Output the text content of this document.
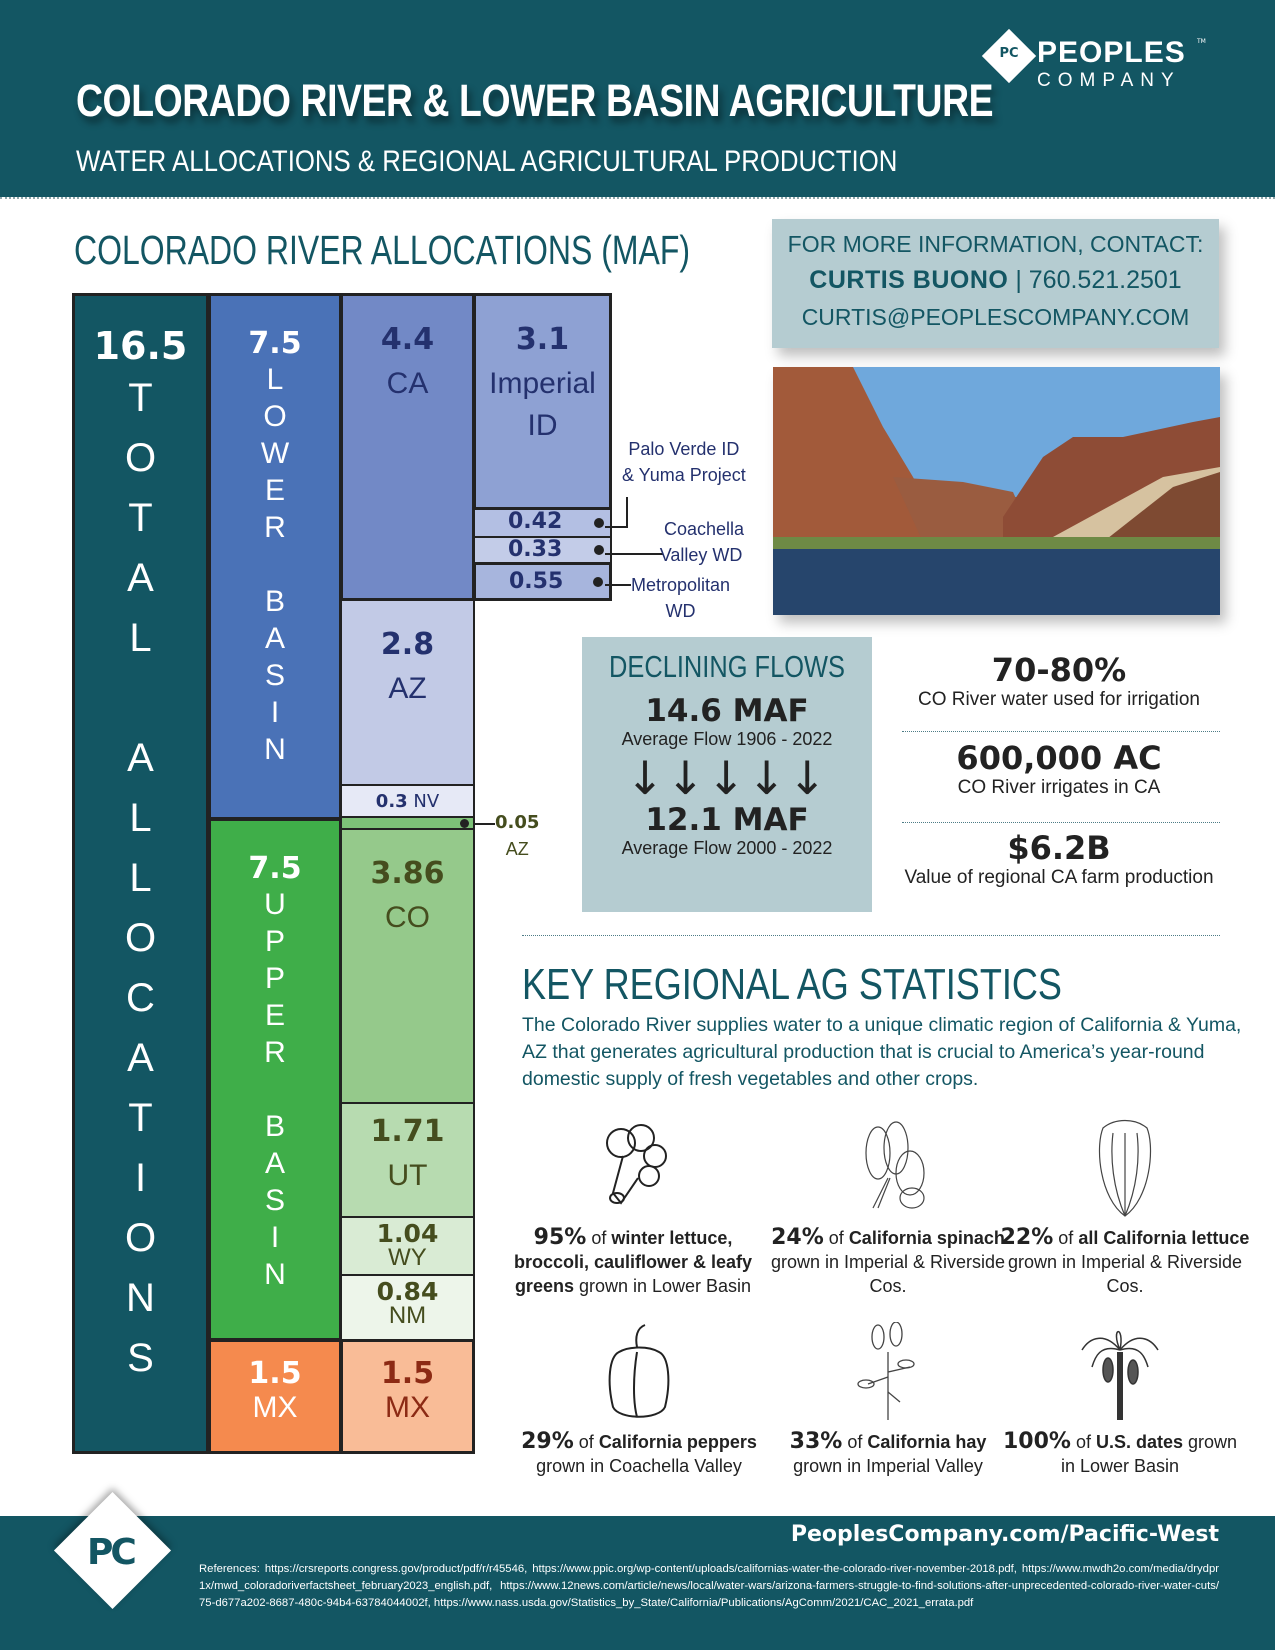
COLORADO RIVER & LOWER BASIN AGRICULTURE
WATER ALLOCATIONS & REGIONAL AGRICULTURAL PRODUCTION
PC PEOPLES TM
COMPANY
COLORADO RIVER ALLOCATIONS (MAF)
16.5
T
O
T
A
L

A
L
L
O
C
A
T
I
O
N
S
7.5
L
O
W
E
R

B
A
S
I
N
7.5
U
P
P
E
R

B
A
S
I
N
1.5
MX
4.4
CA
3.1
Imperial
ID
0.42
0.33
0.55
2.8
AZ
0.3 NV
3.86
CO
1.71
UT
1.04
WY
0.84
NM
1.5
MX
Palo Verde ID
& Yuma Project
Coachella
Valley WD
Metropolitan
WD
0.05
AZ
FOR MORE INFORMATION, CONTACT:
CURTIS BUONO | 760.521.2501
CURTIS@PEOPLESCOMPANY.COM
DECLINING FLOWS
14.6 MAF
Average Flow 1906 - 2022
↓↓↓↓↓
12.1 MAF
Average Flow 2000 - 2022
70-80%
CO River water used for irrigation
600,000 AC
CO River irrigates in CA
$6.2B
Value of regional CA farm production
KEY REGIONAL AG STATISTICS
The Colorado River supplies water to a unique climatic region of California & Yuma, AZ that generates agricultural production that is crucial to America’s year-round domestic supply of fresh vegetables and other crops.
95% of winter lettuce, broccoli, cauliflower & leafy greens grown in Lower Basin
24% of California spinach grown in Imperial & Riverside Cos.
22% of all California lettuce grown in Imperial & Riverside Cos.
29% of California peppers grown in Coachella Valley
33% of California hay grown in Imperial Valley
100% of U.S. dates grown in Lower Basin
PC	PeoplesCompany.com/Pacific-West
References: https://crsreports.congress.gov/product/pdf/r/r45546, https://www.ppic.org/wp-content/uploads/californias-water-the-colorado-river-november-2018.pdf, https://www.mwdh2o.com/media/drydpr1x/mwd_coloradoriverfactsheet_february2023_english.pdf, https://www.12news.com/article/news/local/water-wars/arizona-farmers-struggle-to-find-solutions-after-unprecedented-colorado-river-water-cuts/75-d677a202-8687-480c-94b4-63784044002f, https://www.nass.usda.gov/Statistics_by_State/California/Publications/AgComm/2021/CAC_2021_errata.pdf
